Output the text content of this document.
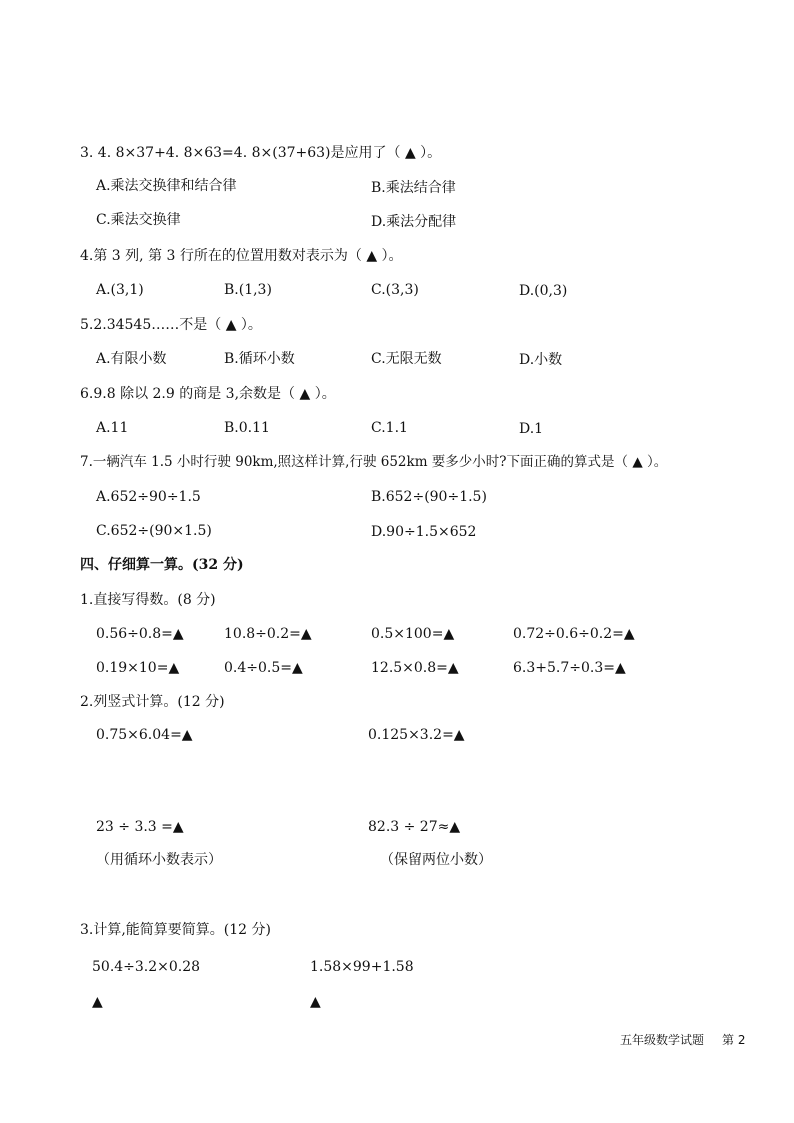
3. 4. 8×37+4. 8×63=4. 8×(37+63)是应用了（ ▲ ）。
A.乘法交换律和结合律	B.乘法结合律
C.乘法交换律	D.乘法分配律
4.第 3 列, 第 3 行所在的位置用数对表示为（ ▲ ）。
A.(3,1)	B.(1,3)	C.(3,3)	D.(0,3)
5.2.34545……不是（ ▲ ）。
A.有限小数	B.循环小数	C.无限无数	D.小数
6.9.8 除以 2.9 的商是 3,余数是（ ▲ ）。
A.11	B.0.11	C.1.1	D.1
7.一辆汽车 1.5 小时行驶 90km,照这样计算,行驶 652km 要多少小时?下面正确的算式是（ ▲ ）。
A.652÷90÷1.5	B.652÷(90÷1.5)
C.652÷(90×1.5)	D.90÷1.5×652
四、仔细算一算。(32 分)
1.直接写得数。(8 分)
0.56÷0.8=▲	10.8÷0.2=▲	0.5×100=▲	0.72÷0.6÷0.2=▲
0.19×10=▲	0.4÷0.5=▲	12.5×0.8=▲	6.3+5.7÷0.3=▲
2.列竖式计算。(12 分)
0.75×6.04=▲	0.125×3.2=▲
23 ÷ 3.3 =▲	82.3 ÷ 27≈▲
（用循环小数表示）	（保留两位小数）
3.计算,能简算要简算。(12 分)
50.4÷3.2×0.28	1.58×99+1.58
▲	▲
五年级数学试题 第 2
